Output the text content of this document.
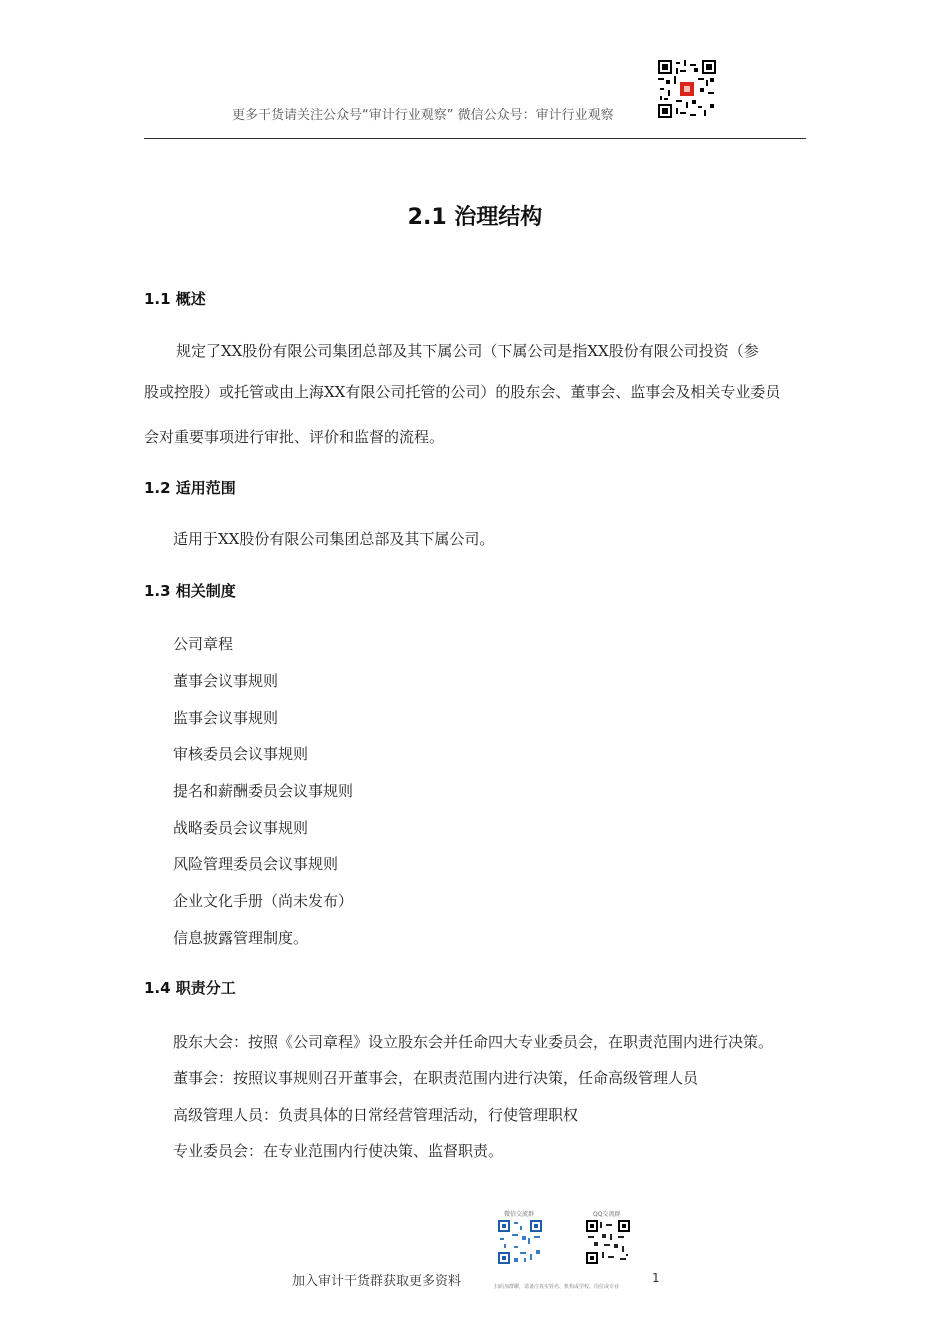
更多干货请关注公众号“审计行业观察” 微信公众号：审计行业观察
2.1 治理结构
1.1 概述
规定了XX股份有限公司集团总部及其下属公司（下属公司是指XX股份有限公司投资（参
股或控股）或托管或由上海XX有限公司托管的公司）的股东会、董事会、监事会及相关专业委员
会对重要事项进行审批、评价和监督的流程。
1.2 适用范围
适用于XX股份有限公司集团总部及其下属公司。
1.3 相关制度
公司章程
董事会议事规则
监事会议事规则
审核委员会议事规则
提名和薪酬委员会议事规则
战略委员会议事规则
风险管理委员会议事规则
企业文化手册（尚未发布）
信息披露管理制度。
1.4 职责分工
股东大会：按照《公司章程》设立股东会并任命四大专业委员会，在职责范围内进行决策。
董事会：按照议事规则召开董事会，在职责范围内进行决策，任命高级管理人员
高级管理人员：负责具体的日常经营管理活动，行使管理职权
专业委员会：在专业范围内行使决策、监督职责。
微信交流群	QQ交流群
扫码加群聊，请备注真实姓名、机构或学校、岗位或专业
加入审计干货群获取更多资料	1
